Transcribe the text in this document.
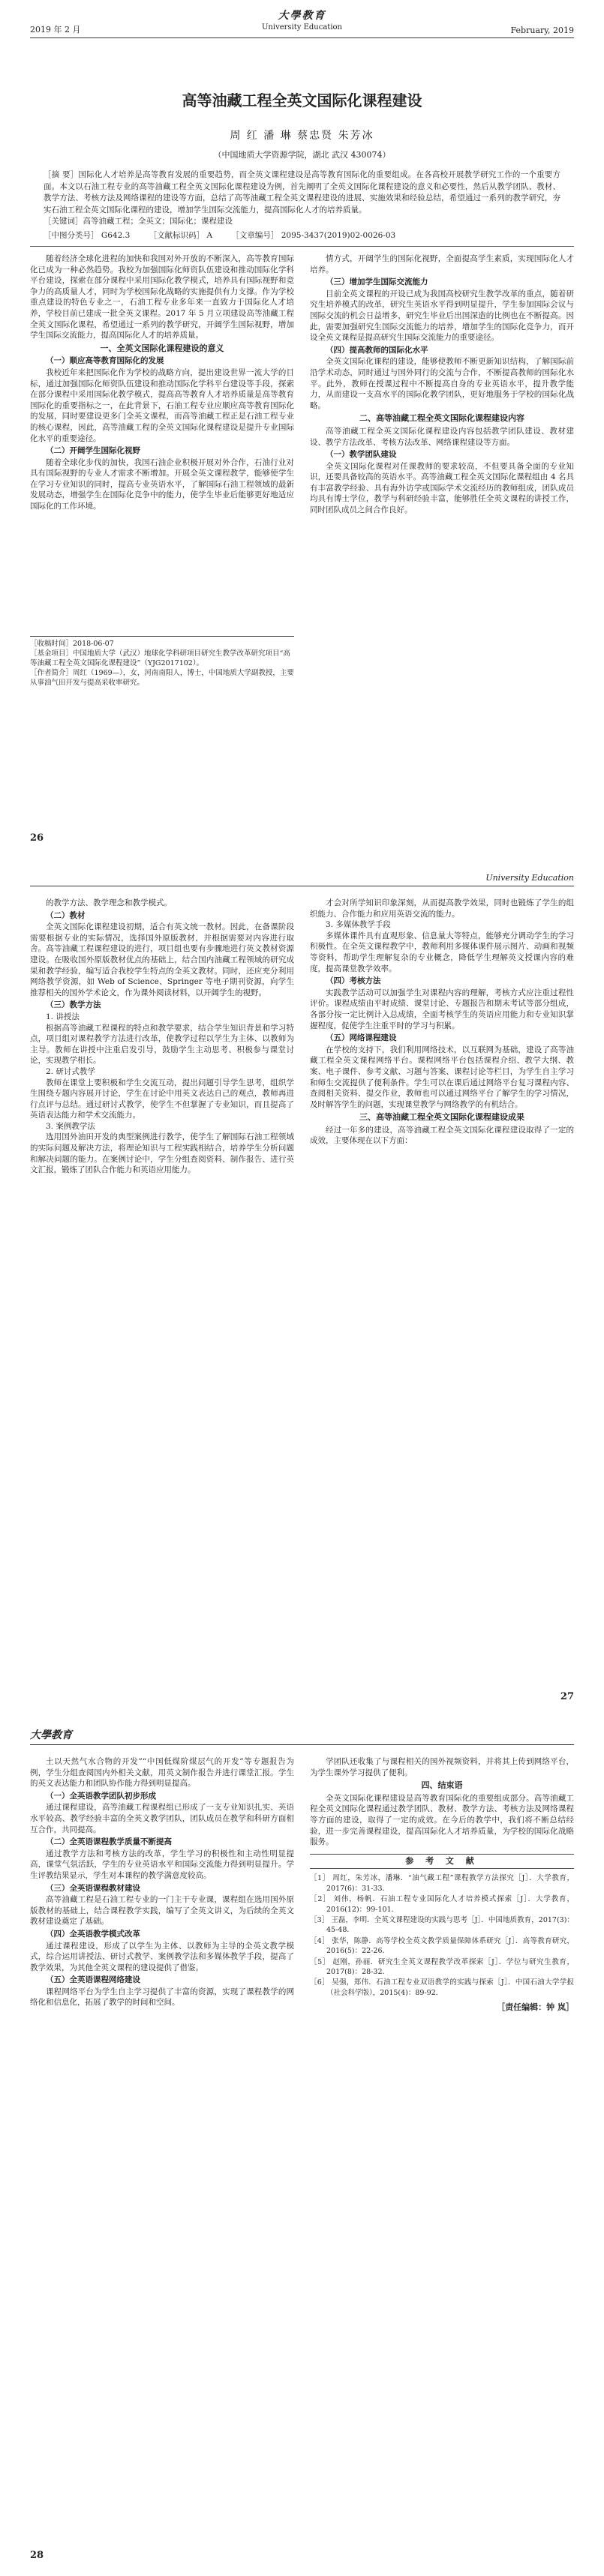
大學教育
University Education
2019 年 2 月	February, 2019
高等油藏工程全英文国际化课程建设
周 红 潘 琳 蔡忠贤 朱芳冰
（中国地质大学资源学院，湖北 武汉 430074）
［摘 要］国际化人才培养是高等教育发展的重要趋势，而全英文课程建设是高等教育国际化的重要组成。在各高校开展教学研究工作的一个重要方面。本文以石油工程专业的高等油藏工程全英文国际化课程建设为例，首先阐明了全英文国际化课程建设的意义和必要性，然后从教学团队、教材、教学方法、考核方法及网络课程的建设等方面，总结了高等油藏工程全英文课程建设的进展、实施效果和经验总结，希望通过一系列的教学研究，夯实石油工程全英文国际化课程的建设，增加学生国际交流能力，提高国际化人才的培养质量。
［关键词］高等油藏工程；全英文；国际化；课程建设
［中图分类号］ G642.3 ［文献标识码］ A ［文章编号］ 2095-3437(2019)02-0026-03

随着经济全球化进程的加快和我国对外开放的不断深入，高等教育国际化已成为一种必然趋势。我校为加强国际化师资队伍建设和推动国际化学科平台建设，探索在部分课程中采用国际化教学模式，培养具有国际视野和竞争力的高质量人才，同时为学校国际化战略的实施提供有力支撑。作为学校重点建设的特色专业之一，石油工程专业多年来一直致力于国际化人才培养，学校目前已建成一批全英文课程。2017 年 5 月立项建设高等油藏工程全英文国际化课程，希望通过一系列的教学研究，开阔学生国际视野，增加学生国际交流能力，提高国际化人才的培养质量。

一、全英文国际化课程建设的意义
（一）顺应高等教育国际化的发展

我校近年来把国际化作为学校的战略方向，提出建设世界一流大学的目标，通过加强国际化师资队伍建设和推动国际化学科平台建设等手段，探索在部分课程中采用国际化教学模式，提高高等教育人才培养质量是高等教育国际化的重要指标之一，在此背景下，石油工程专业应顺应高等教育国际化的发展，同时要建设更多门全英文课程，而高等油藏工程正是石油工程专业的核心课程，因此，高等油藏工程的全英文国际化课程建设是提升专业国际化水平的重要途径。

（二）开阔学生国际化视野

随着全球化步伐的加快，我国石油企业积极开展对外合作，石油行业对具有国际视野的专业人才需求不断增加。开展全英文课程教学，能够使学生在学习专业知识的同时，提高专业英语水平，了解国际石油工程领域的最新发展动态，增强学生在国际化竞争中的能力，使学生毕业后能够更好地适应国际化的工作环境。

情方式，开阔学生的国际化视野，全面提高学生素质，实现国际化人才培养。

（三）增加学生国际交流能力

目前全英文课程的开设已成为我国高校研究生教学改革的重点，随着研究生培养模式的改革，研究生英语水平得到明显提升，学生参加国际会议与国际交流的机会日益增多，研究生毕业后出国深造的比例也在不断提高。因此，需要加强研究生国际交流能力的培养，增加学生的国际化竞争力，而开设全英文课程是提高研究生国际交流能力的重要途径。

（四）提高教师的国际化水平

全英文国际化课程的建设，能够使教师不断更新知识结构，了解国际前沿学术动态，同时通过与国外同行的交流与合作，不断提高教师的国际化水平。此外，教师在授课过程中不断提高自身的专业英语水平，提升教学能力，从而建设一支高水平的国际化教学团队，更好地服务于学校的国际化战略。

二、高等油藏工程全英文国际化课程建设内容

高等油藏工程全英文国际化课程建设内容包括教学团队建设、教材建设、教学方法改革、考核方法改革、网络课程建设等方面。

（一）教学团队建设

全英文国际化课程对任课教师的要求较高，不但要具备全面的专业知识，还要具备较高的英语水平。高等油藏工程全英文国际化课程组由 4 名具有丰富教学经验、具有海外访学或国际学术交流经历的教师组成，团队成员均具有博士学位，教学与科研经验丰富，能够胜任全英文课程的讲授工作，同时团队成员之间合作良好。

［收稿时间］2018-06-07
［基金项目］中国地质大学（武汉）地球化学科研项目研究生教学改革研究项目“高等油藏工程全英文国际化课程建设”（YJG2017102）。
［作者简介］周红（1969—），女，河南南阳人，博士，中国地质大学副教授，主要从事油气田开发与提高采收率研究。
26
University Education

的教学方法、教学理念和教学模式。

（二）教材

全英文国际化课程建设初期，适合有英文统一教材。因此，在备课阶段需要根据专业的实际情况，选择国外原版教材，并根据需要对内容进行取舍。高等油藏工程课程建设的进行，项目组也要有步骤地进行英文教材资源建设。在吸收国外原版教材优点的基础上，结合国内油藏工程领域的研究成果和教学经验，编写适合我校学生特点的全英文教材。同时，还应充分利用网络教学资源，如 Web of Science、Springer 等电子期刊资源，向学生推荐相关的国外学术论文，作为课外阅读材料，以开阔学生的视野。

（三）教学方法

1. 讲授法

根据高等油藏工程课程的特点和教学要求，结合学生知识背景和学习特点，项目组对课程教学方法进行改革，使教学过程以学生为主体、以教师为主导。教师在讲授中注重启发引导，鼓励学生主动思考、积极参与课堂讨论，实现教学相长。

2. 研讨式教学

教师在课堂上要积极和学生交流互动，提出问题引导学生思考，组织学生围绕专题内容展开讨论，学生在讨论中用英文表达自己的观点，教师再进行点评与总结。通过研讨式教学，使学生不但掌握了专业知识，而且提高了英语表达能力和学术交流能力。

3. 案例教学法

选用国外油田开发的典型案例进行教学，使学生了解国际石油工程领域的实际问题及解决方法，将理论知识与工程实践相结合，培养学生分析问题和解决问题的能力。在案例讨论中，学生分组查阅资料、制作报告、进行英文汇报，锻炼了团队合作能力和英语应用能力。

才会对所学知识印象深刻，从而提高教学效果，同时也锻炼了学生的组织能力、合作能力和应用英语交流的能力。

3. 多媒体教学手段

多媒体课件具有直观形象、信息量大等特点，能够充分调动学生的学习积极性。在全英文课程教学中，教师利用多媒体课件展示图片、动画和视频等资料，帮助学生理解复杂的专业概念，降低学生理解英文授课内容的难度，提高课堂教学效率。

（四）考核方法

实践教学活动可以加强学生对课程内容的理解，考核方式应注重过程性评价。课程成绩由平时成绩、课堂讨论、专题报告和期末考试等部分组成，各部分按一定比例计入总成绩，全面考核学生的英语应用能力和专业知识掌握程度，促使学生注重平时的学习与积累。

（五）网络课程建设

在学校的支持下，我们利用网络技术，以互联网为基础，建设了高等油藏工程全英文课程网络平台。课程网络平台包括课程介绍、教学大纲、教案、电子课件、参考文献、习题与答案、课程讨论等栏目，为学生自主学习和师生交流提供了便利条件。学生可以在课后通过网络平台复习课程内容、查阅相关资料、提交作业，教师也可以通过网络平台了解学生的学习情况，及时解答学生的问题，实现课堂教学与网络教学的有机结合。

三、高等油藏工程全英文国际化课程建设成果

经过一年多的建设，高等油藏工程全英文国际化课程建设取得了一定的成效，主要体现在以下方面：

27
大學教育

土以天然气水合物的开发”“中国低煤阶煤层气的开发”等专题报告为例，学生分组查阅国内外相关文献，用英文制作报告并进行课堂汇报。学生的英文表达能力和团队协作能力得到明显提高。

（一）全英语教学团队初步形成

通过课程建设，高等油藏工程课程组已形成了一支专业知识扎实、英语水平较高、教学经验丰富的全英文教学团队，团队成员在教学和科研方面相互合作，共同提高。

（二）全英语课程教学质量不断提高

通过教学方法和考核方法的改革，学生学习的积极性和主动性明显提高，课堂气氛活跃，学生的专业英语水平和国际交流能力得到明显提升。学生评教结果显示，学生对本课程的教学满意度较高。

（三）全英语课程教材建设

高等油藏工程是石油工程专业的一门主干专业课，课程组在选用国外原版教材的基础上，结合课程教学实践，编写了全英文讲义，为后续的全英文教材建设奠定了基础。

（四）全英语教学模式改革

通过课程建设，形成了以学生为主体、以教师为主导的全英文教学模式，综合运用讲授法、研讨式教学、案例教学法和多媒体教学手段，提高了教学效果，为其他全英文课程的建设提供了借鉴。

（五）全英语课程网络建设

课程网络平台为学生自主学习提供了丰富的资源，实现了课程教学的网络化和信息化，拓展了教学的时间和空间。

学团队还收集了与课程相关的国外视频资料，并将其上传到网络平台，为学生课外学习提供了便利。

四、结束语

全英文国际化课程建设是高等教育国际化的重要组成部分。高等油藏工程全英文国际化课程通过教学团队、教材、教学方法、考核方法及网络课程等方面的建设，取得了一定的成效。在今后的教学中，我们将不断总结经验，进一步完善课程建设，提高国际化人才培养质量，为学校的国际化战略服务。

参 考 文 献
［1］ 周红，朱芳冰，潘琳．“油气藏工程”课程教学方法探究［J］．大学教育，2017(6)：31-33．
［2］ 刘伟，杨帆．石油工程专业国际化人才培养模式探索［J］．大学教育，2016(12)：99-101．
［3］ 王磊，李明．全英文课程建设的实践与思考［J］．中国地质教育，2017(3)：45-48．
［4］ 张华，陈静．高等学校全英文教学质量保障体系研究［J］．高等教育研究，2016(5)：22-26．
［5］ 赵刚，孙丽．研究生全英文课程教学改革探索［J］．学位与研究生教育，2017(8)：28-32．
［6］ 吴强，郑伟．石油工程专业双语教学的实践与探索［J］．中国石油大学学报（社会科学版），2015(4)：89-92．
［责任编辑：钟 岚］
28
